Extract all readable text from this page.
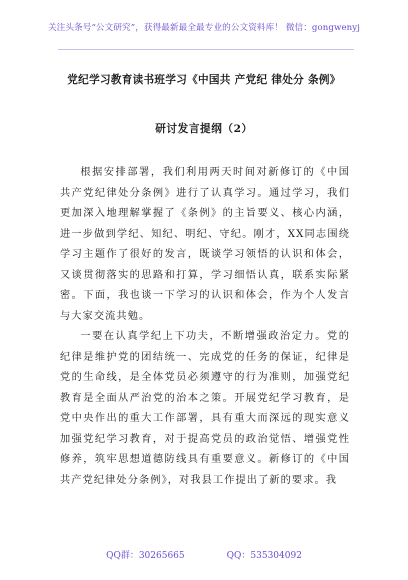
关注头条号“公文研究”，获得最新最全最专业的公文资料库！ 微信：gongwenyj
党纪学习教育读书班学习《中国共 产党纪 律处分 条例》
研讨发言提纲（2）

根据安排部署，我们利用两天时间对新修订的《中国共产党纪律处分条例》进行了认真学习。通过学习，我们更加深入地理解掌握了《条例》的主旨要义、核心内涵，进一步做到学纪、知纪、明纪、守纪。刚才，XX同志围绕学习主题作了很好的发言，既谈学习领悟的认识和体会，又谈贯彻落实的思路和打算，学习细悟认真，联系实际紧密。下面，我也谈一下学习的认识和体会，作为个人发言与大家交流共勉。

一要在认真学纪上下功夫，不断增强政治定力。党的纪律是维护党的团结统一、完成党的任务的保证，纪律是党的生命线，是全体党员必须遵守的行为准则，加强党纪教育是全面从严治党的治本之策。开展党纪学习教育，是党中央作出的重大工作部署，具有重大而深远的现实意义加强党纪学习教育，对于提高党员的政治觉悟、增强党性修养，筑牢思想道德防线具有重要意义。新修订的《中国共产党纪律处分条例》，对我县工作提出了新的要求。我

QQ群：30265665	QQ：535304092
